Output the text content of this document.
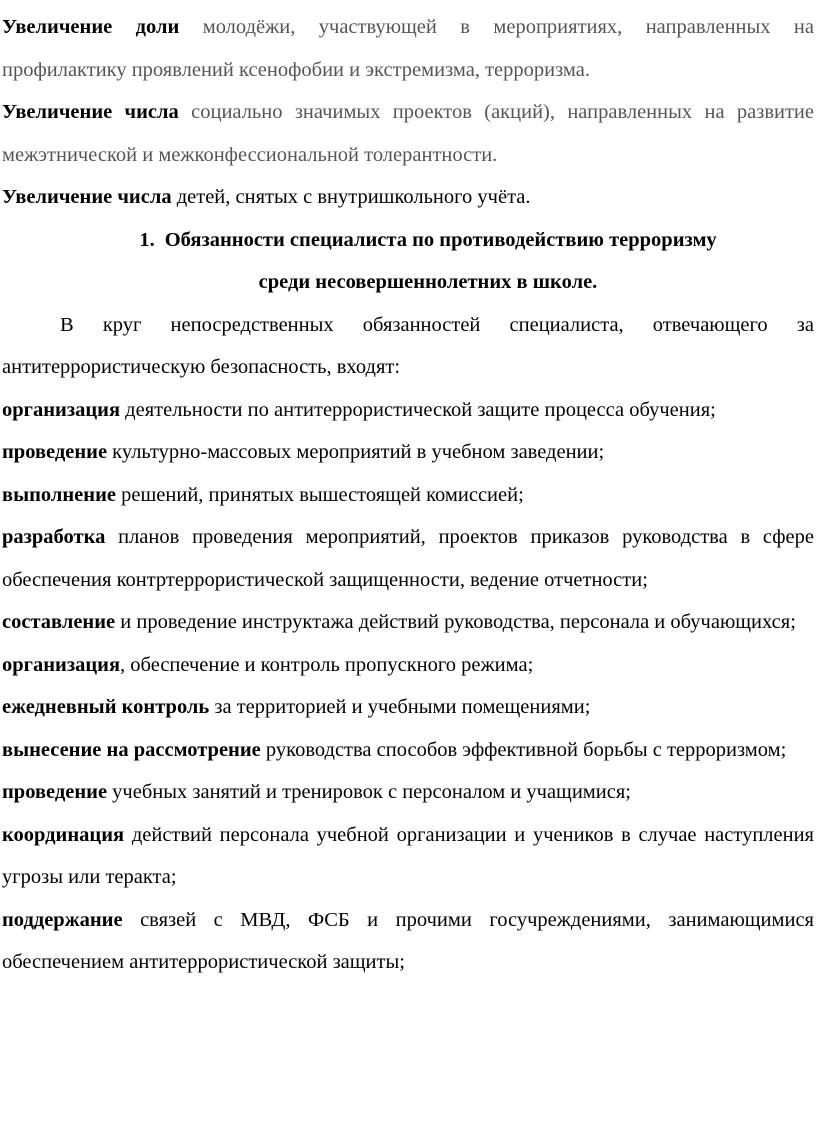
Увеличение доли молодёжи, участвующей в мероприятиях, направленных на профилактику проявлений ксенофобии и экстремизма, терроризма.

Увеличение числа социально значимых проектов (акций), направленных на развитие межэтнической и межконфессиональной толерантности.

Увеличение числа детей, снятых с внутришкольного учёта.

1. Обязанности специалиста по противодействию терроризму

среди несовершеннолетних в школе.

В круг непосредственных обязанностей специалиста, отвечающего за антитеррористическую безопасность, входят:

организация деятельности по антитеррористической защите процесса обучения;

проведение культурно-массовых мероприятий в учебном заведении;

выполнение решений, принятых вышестоящей комиссией;

разработка планов проведения мероприятий, проектов приказов руководства в сфере обеспечения контртеррористической защищенности, ведение отчетности;

составление и проведение инструктажа действий руководства, персонала и обучающихся;

организация, обеспечение и контроль пропускного режима;

ежедневный контроль за территорией и учебными помещениями;

вынесение на рассмотрение руководства способов эффективной борьбы с терроризмом;

проведение учебных занятий и тренировок с персоналом и учащимися;

координация действий персонала учебной организации и учеников в случае наступления угрозы или теракта;

поддержание связей с МВД, ФСБ и прочими госучреждениями, занимающимися обеспечением антитеррористической защиты;
